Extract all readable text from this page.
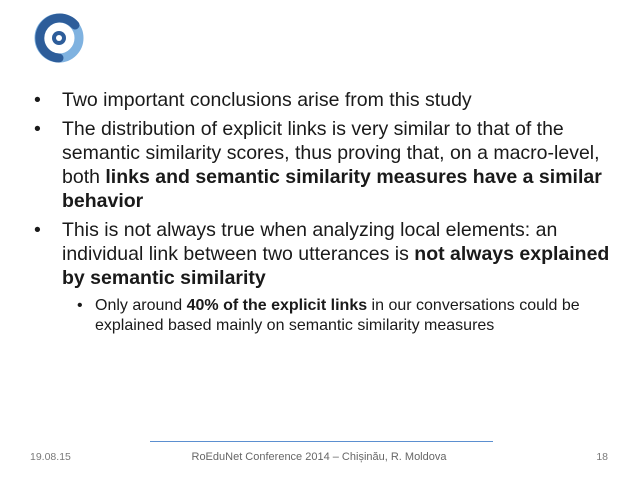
•	Two important conclusions arise from this study
•	The distribution of explicit links is very similar to that of the semantic similarity scores, thus proving that, on a macro-level, both links and semantic similarity measures have a similar behavior
•	This is not always true when analyzing local elements: an individual link between two utterances is not always explained by semantic similarity
• Only around 40% of the explicit links in our conversations could be explained based mainly on semantic similarity measures
19.08.15	RoEduNet Conference 2014 – Chișinău, R. Moldova	18
